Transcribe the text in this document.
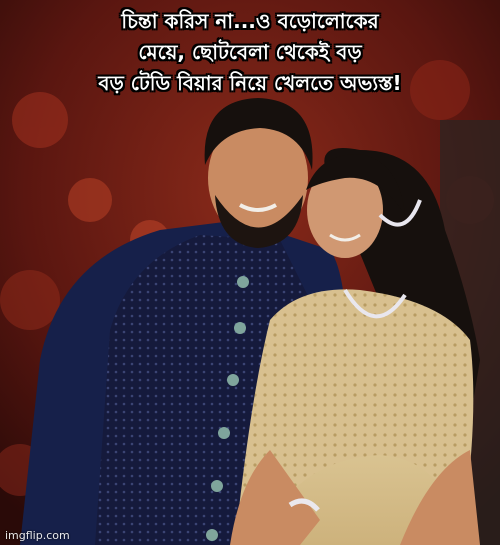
চিন্তা করিস না...ও বড়োলোকের
মেয়ে, ছোটবেলা থেকেই বড়
বড় টেডি বিয়ার নিয়ে খেলতে অভ্যস্ত!
imgflip.com
